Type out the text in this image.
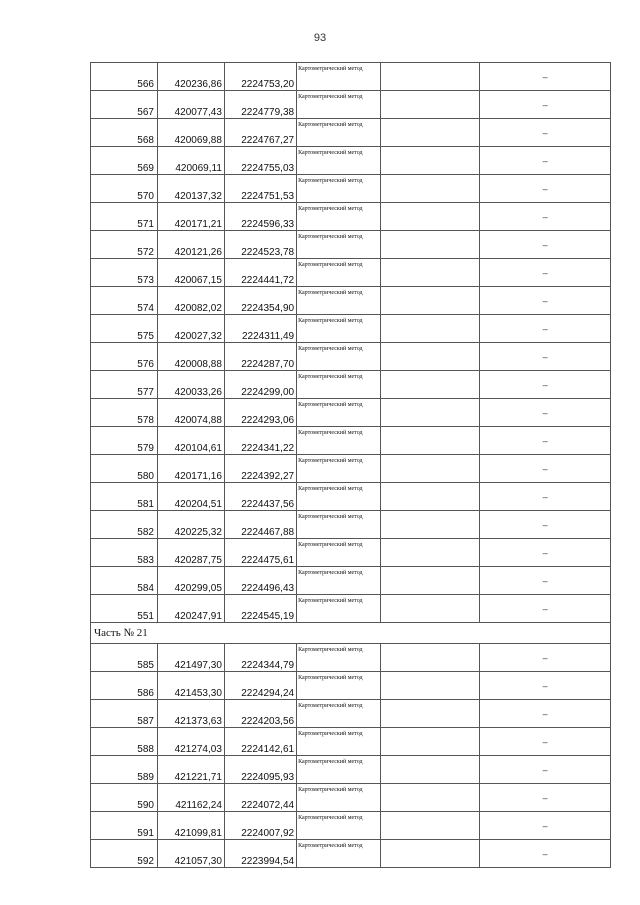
93
566	420236,86	2224753,20	Картометрический метод		–
567	420077,43	2224779,38	Картометрический метод		–
568	420069,88	2224767,27	Картометрический метод		–
569	420069,11	2224755,03	Картометрический метод		–
570	420137,32	2224751,53	Картометрический метод		–
571	420171,21	2224596,33	Картометрический метод		–
572	420121,26	2224523,78	Картометрический метод		–
573	420067,15	2224441,72	Картометрический метод		–
574	420082,02	2224354,90	Картометрический метод		–
575	420027,32	2224311,49	Картометрический метод		–
576	420008,88	2224287,70	Картометрический метод		–
577	420033,26	2224299,00	Картометрический метод		–
578	420074,88	2224293,06	Картометрический метод		–
579	420104,61	2224341,22	Картометрический метод		–
580	420171,16	2224392,27	Картометрический метод		–
581	420204,51	2224437,56	Картометрический метод		–
582	420225,32	2224467,88	Картометрический метод		–
583	420287,75	2224475,61	Картометрический метод		–
584	420299,05	2224496,43	Картометрический метод		–
551	420247,91	2224545,19	Картометрический метод		–
Часть № 21					
585	421497,30	2224344,79	Картометрический метод		–
586	421453,30	2224294,24	Картометрический метод		–
587	421373,63	2224203,56	Картометрический метод		–
588	421274,03	2224142,61	Картометрический метод		–
589	421221,71	2224095,93	Картометрический метод		–
590	421162,24	2224072,44	Картометрический метод		–
591	421099,81	2224007,92	Картометрический метод		–
592	421057,30	2223994,54	Картометрический метод		–
